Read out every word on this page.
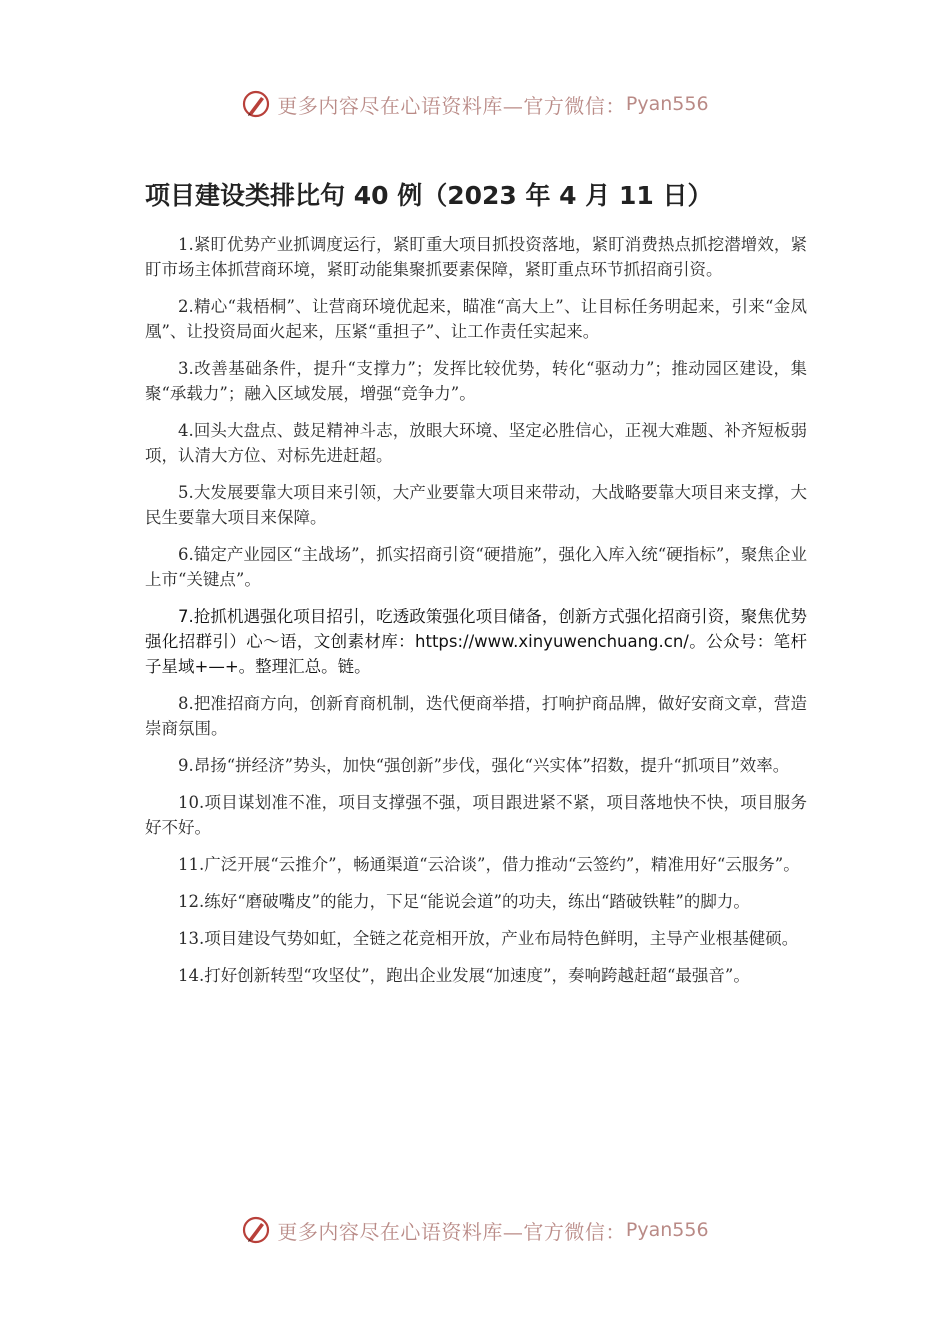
更多内容尽在心语资料库—官方微信： Pyan556
项目建设类排比句 40 例（2023 年 4 月 11 日）

1.紧盯优势产业抓调度运行，紧盯重大项目抓投资落地，紧盯消费热点抓挖潜增效，紧盯市场主体抓营商环境，紧盯动能集聚抓要素保障，紧盯重点环节抓招商引资。

2.精心“栽梧桐”、让营商环境优起来，瞄准“高大上”、让目标任务明起来，引来“金凤凰”、让投资局面火起来，压紧“重担子”、让工作责任实起来。

3.改善基础条件，提升“支撑力”；发挥比较优势，转化“驱动力”；推动园区建设，集聚“承载力”；融入区域发展，增强“竞争力”。

4.回头大盘点、鼓足精神斗志，放眼大环境、坚定必胜信心，正视大难题、补齐短板弱项，认清大方位、对标先进赶超。

5.大发展要靠大项目来引领，大产业要靠大项目来带动，大战略要靠大项目来支撑，大民生要靠大项目来保障。

6.锚定产业园区“主战场”，抓实招商引资“硬措施”，强化入库入统“硬指标”，聚焦企业上市“关键点”。

7.抢抓机遇强化项目招引，吃透政策强化项目储备，创新方式强化招商引资，聚焦优势强化招群引）心～语，文创素材库：https://www.xinyuwenchuang.cn/。公众号：笔杆子星域+—+。整理汇总。链。

8.把准招商方向，创新育商机制，迭代便商举措，打响护商品牌，做好安商文章，营造崇商氛围。

9.昂扬“拼经济”势头，加快“强创新”步伐，强化“兴实体”招数，提升“抓项目”效率。

10.项目谋划准不准，项目支撑强不强，项目跟进紧不紧，项目落地快不快，项目服务好不好。

11.广泛开展“云推介”，畅通渠道“云洽谈”，借力推动“云签约”，精准用好“云服务”。

12.练好“磨破嘴皮”的能力，下足“能说会道”的功夫，练出“踏破铁鞋”的脚力。

13.项目建设气势如虹，全链之花竞相开放，产业布局特色鲜明，主导产业根基健硕。

14.打好创新转型“攻坚仗”，跑出企业发展“加速度”，奏响跨越赶超“最强音”。

更多内容尽在心语资料库—官方微信： Pyan556
